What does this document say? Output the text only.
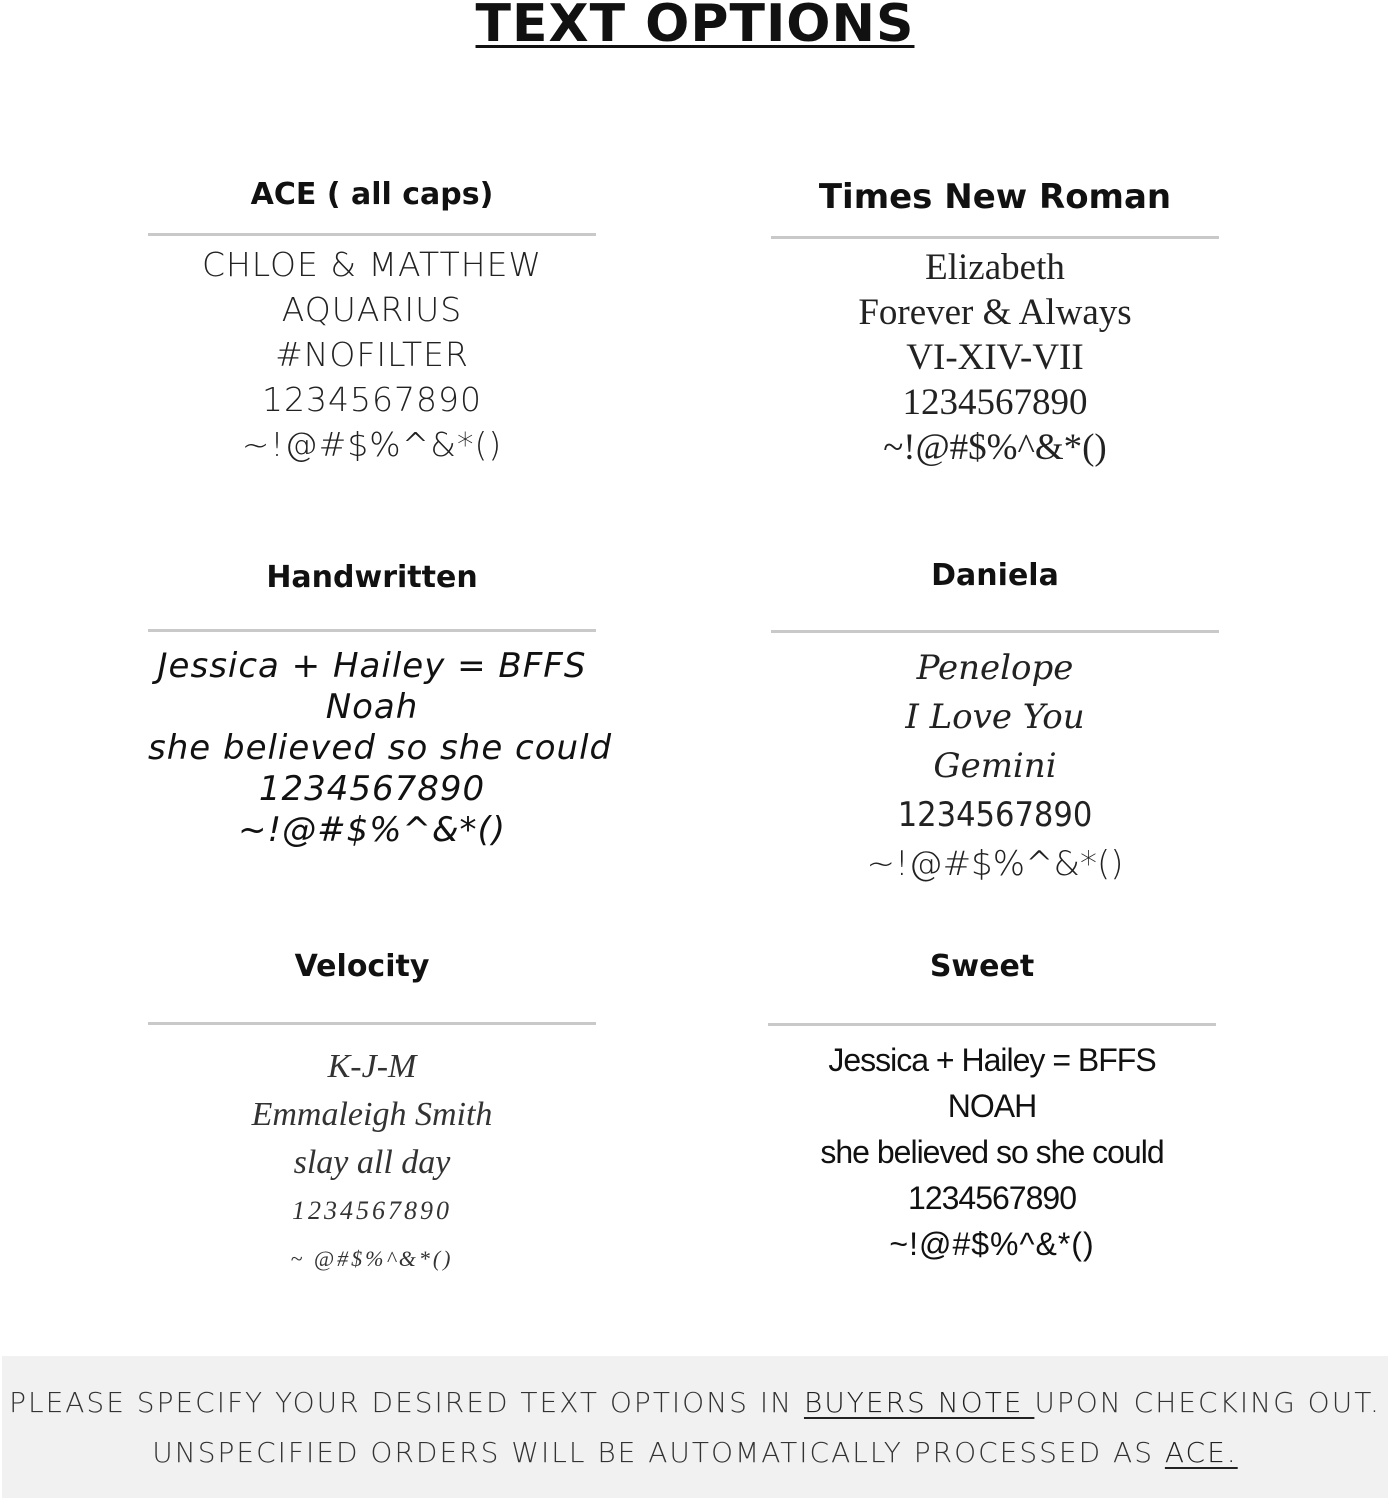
TEXT OPTIONS
ACE ( all caps)
CHLOE & MATTHEW
AQUARIUS
#NOFILTER
1234567890
~!@#$%^&*()
Times New Roman
Elizabeth
Forever & Always
VI-XIV-VII
1234567890
~!@#$%^&*()
Handwritten
Jessica + Hailey = BFFS
Noah
she believed so she could
1234567890
~!@#$%^&*()
Daniela
Penelope
I Love You
Gemini
1234567890
~!@#$%^&*()
Velocity
K-J-M
Emmaleigh Smith
slay all day
1234567890
~ @#$%^&*()
Sweet
Jessica + Hailey = BFFS
NOAH
she believed so she could
1234567890
~!@#$%^&*()
PLEASE SPECIFY YOUR DESIRED TEXT OPTIONS IN BUYERS NOTE UPON CHECKING OUT.
UNSPECIFIED ORDERS WILL BE AUTOMATICALLY PROCESSED AS ACE.
